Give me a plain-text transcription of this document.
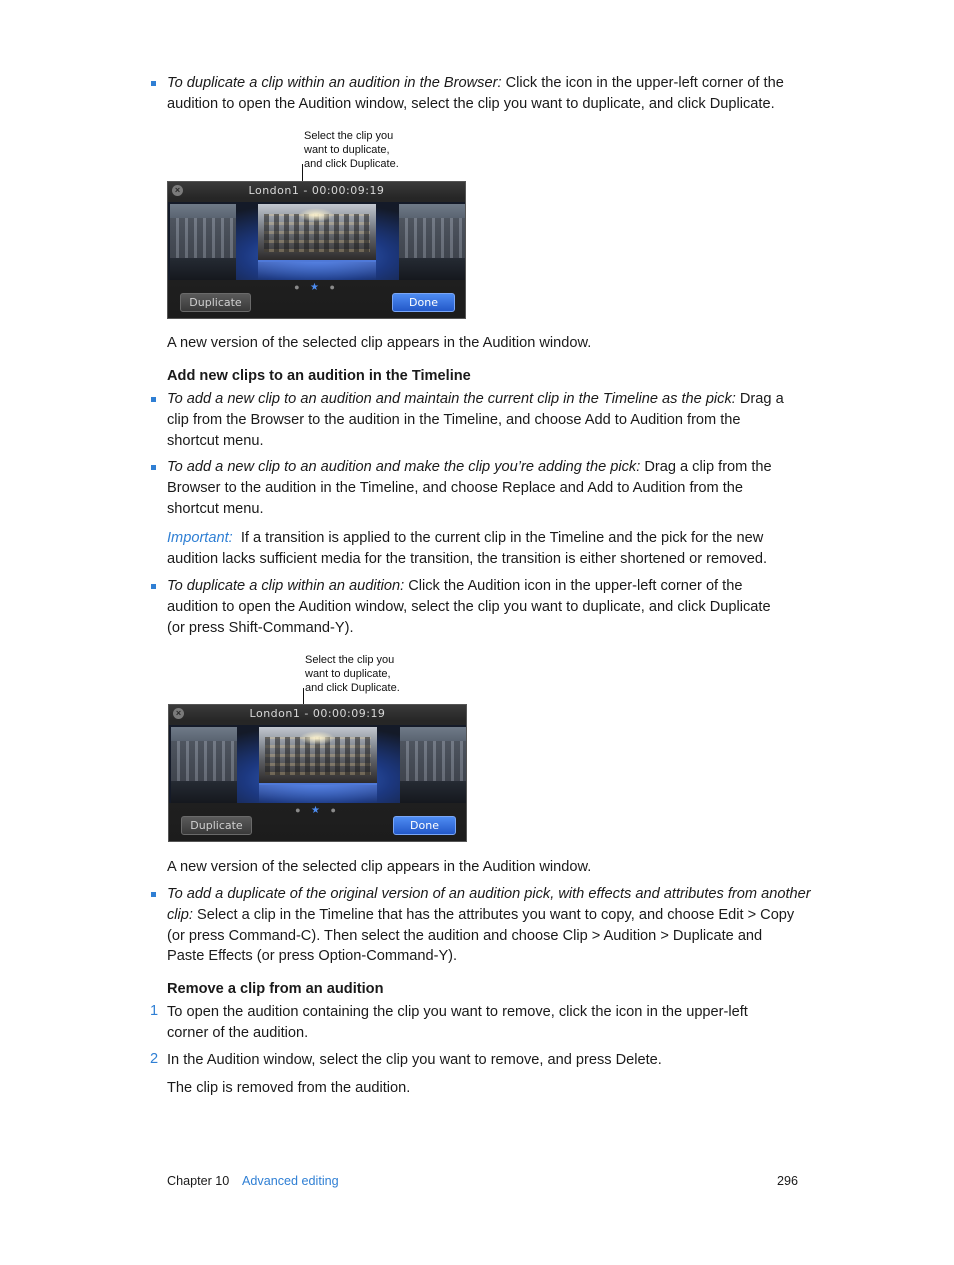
To duplicate a clip within an audition in the Browser: Click the icon in the upper-left corner of the
audition to open the Audition window, select the clip you want to duplicate, and click Duplicate.
Select the clip you
want to duplicate,
and click Duplicate.
×	London1 - 00:00:09:19
● ★ ●
Duplicate	Done
A new version of the selected clip appears in the Audition window.
Add new clips to an audition in the Timeline
To add a new clip to an audition and maintain the current clip in the Timeline as the pick: Drag a
clip from the Browser to the audition in the Timeline, and choose Add to Audition from the
shortcut menu.
To add a new clip to an audition and make the clip you’re adding the pick: Drag a clip from the
Browser to the audition in the Timeline, and choose Replace and Add to Audition from the
shortcut menu.
Important: If a transition is applied to the current clip in the Timeline and the pick for the new
audition lacks sufficient media for the transition, the transition is either shortened or removed.
To duplicate a clip within an audition: Click the Audition icon in the upper-left corner of the
audition to open the Audition window, select the clip you want to duplicate, and click Duplicate
(or press Shift-Command-Y).
Select the clip you
want to duplicate,
and click Duplicate.
×	London1 - 00:00:09:19
● ★ ●
Duplicate	Done
A new version of the selected clip appears in the Audition window.
To add a duplicate of the original version of an audition pick, with effects and attributes from another
clip: Select a clip in the Timeline that has the attributes you want to copy, and choose Edit > Copy
(or press Command-C). Then select the audition and choose Clip > Audition > Duplicate and
Paste Effects (or press Option-Command-Y).
Remove a clip from an audition
1 To open the audition containing the clip you want to remove, click the icon in the upper-left
corner of the audition.
2 In the Audition window, select the clip you want to remove, and press Delete.
The clip is removed from the audition.
Chapter 10 Advanced editing	296
